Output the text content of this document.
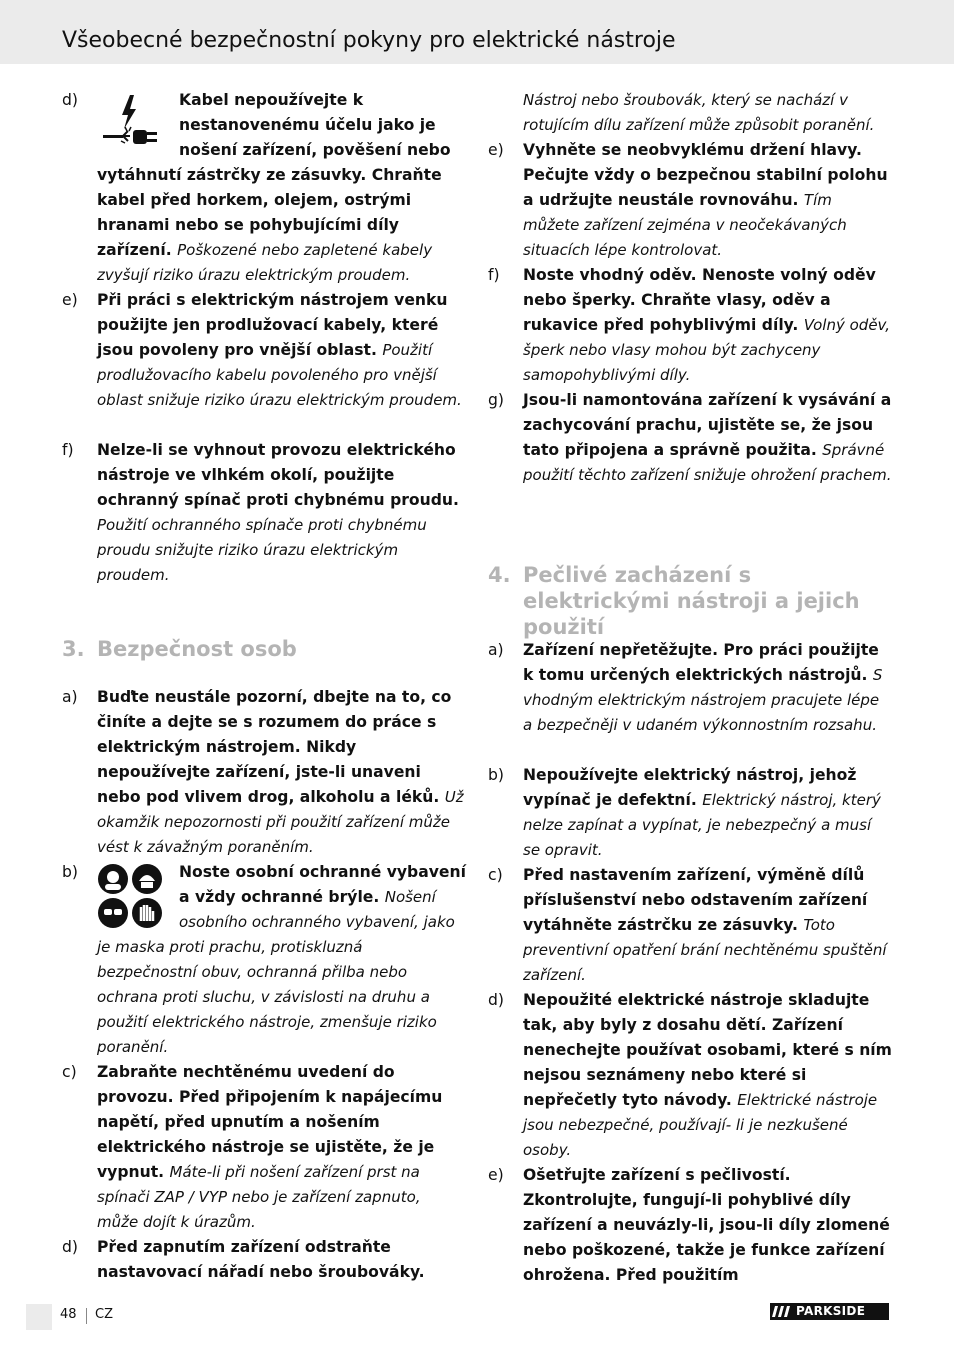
Všeobecné bezpečnostní pokyny pro elektrické nástroje
d)	Kabel nepoužívejte k nestanovenému účelu jako je nošení zařízení, pověšení nebo vytáhnutí zástrčky ze zásuvky. Chraňte kabel před horkem, olejem, ostrými hranami nebo se pohybujícími díly zařízení. Poškozené nebo zapletené kabely zvyšují riziko úrazu elektrickým proudem.
e) Při práci s elektrickým nástrojem venku použijte jen prodlužovací kabely, které jsou povoleny pro vnější oblast. Použití prodlužovacího kabelu povoleného pro vnější oblast snižuje riziko úrazu elektrickým proudem.
f) Nelze-li se vyhnout provozu elektrického nástroje ve vlhkém okolí, použijte ochranný spínač proti chybnému proudu. Použití ochranného spínače proti chybnému proudu snižujte riziko úrazu elektrickým proudem.
3. Bezpečnost osob
a) Buďte neustále pozorní, dbejte na to, co činíte a dejte se s rozumem do práce s elektrickým nástrojem. Nikdy nepoužívejte zařízení, jste-li unaveni nebo pod vlivem drog, alkoholu a léků. Už okamžik nepozornosti při použití zařízení může vést k závažným poraněním.
b)	Noste osobní ochranné vybavení a vždy ochranné brýle. Nošení osobního ochranného vybavení, jako je maska proti prachu, protiskluzná bezpečnostní obuv, ochranná přilba nebo ochrana proti sluchu, v závislosti na druhu a použití elektrického nástroje, zmenšuje riziko poranění.
c) Zabraňte nechtěnému uvedení do provozu. Před připojením k napájecímu napětí, před upnutím a nošením elektrického nástroje se ujistěte, že je vypnut. Máte-li při nošení zařízení prst na spínači ZAP / VYP nebo je zařízení zapnuto, může dojít k úrazům.
d) Před zapnutím zařízení odstraňte nastavovací nářadí nebo šroubováky.
Nástroj nebo šroubovák, který se nachází v rotujícím dílu zařízení může způsobit poranění.
e) Vyhněte se neobvyklému držení hlavy. Pečujte vždy o bezpečnou stabilní polohu a udržujte neustále rovnováhu. Tím můžete zařízení zejména v neočekávaných situacích lépe kontrolovat.
f) Noste vhodný oděv. Nenoste volný oděv nebo šperky. Chraňte vlasy, oděv a rukavice před pohyblivými díly. Volný oděv, šperk nebo vlasy mohou být zachyceny samopohyblivými díly.
g) Jsou-li namontována zařízení k vysávání a zachycování prachu, ujistěte se, že jsou tato připojena a správně použita. Správné použití těchto zařízení snižuje ohrožení prachem.
4. Pečlivé zacházení s elektrickými nástroji a jejich použití
a) Zařízení nepřetěžujte. Pro práci použijte k tomu určených elektrických nástrojů. S vhodným elektrickým nástrojem pracujete lépe a bezpečněji v udaném výkonnostním rozsahu.
b) Nepoužívejte elektrický nástroj, jehož vypínač je defektní. Elektrický nástroj, který nelze zapínat a vypínat, je nebezpečný a musí se opravit.
c) Před nastavením zařízení, výměně dílů příslušenství nebo odstavením zařízení vytáhněte zástrčku ze zásuvky. Toto preventivní opatření brání nechtěnému spuštění zařízení.
d) Nepoužité elektrické nástroje skladujte tak, aby byly z dosahu dětí. Zařízení nenechejte používat osobami, které s ním nejsou seznámeny nebo které si nepřečetly tyto návody. Elektrické nástroje jsou nebezpečné, používají- li je nezkušené osoby.
e) Ošetřujte zařízení s pečlivostí. Zkontrolujte, fungují-li pohyblivé díly zařízení a neuvázly-li, jsou-li díly zlomené nebo poškozené, takže je funkce zařízení ohrožena. Před použitím
48 CZ	PARKSIDE
